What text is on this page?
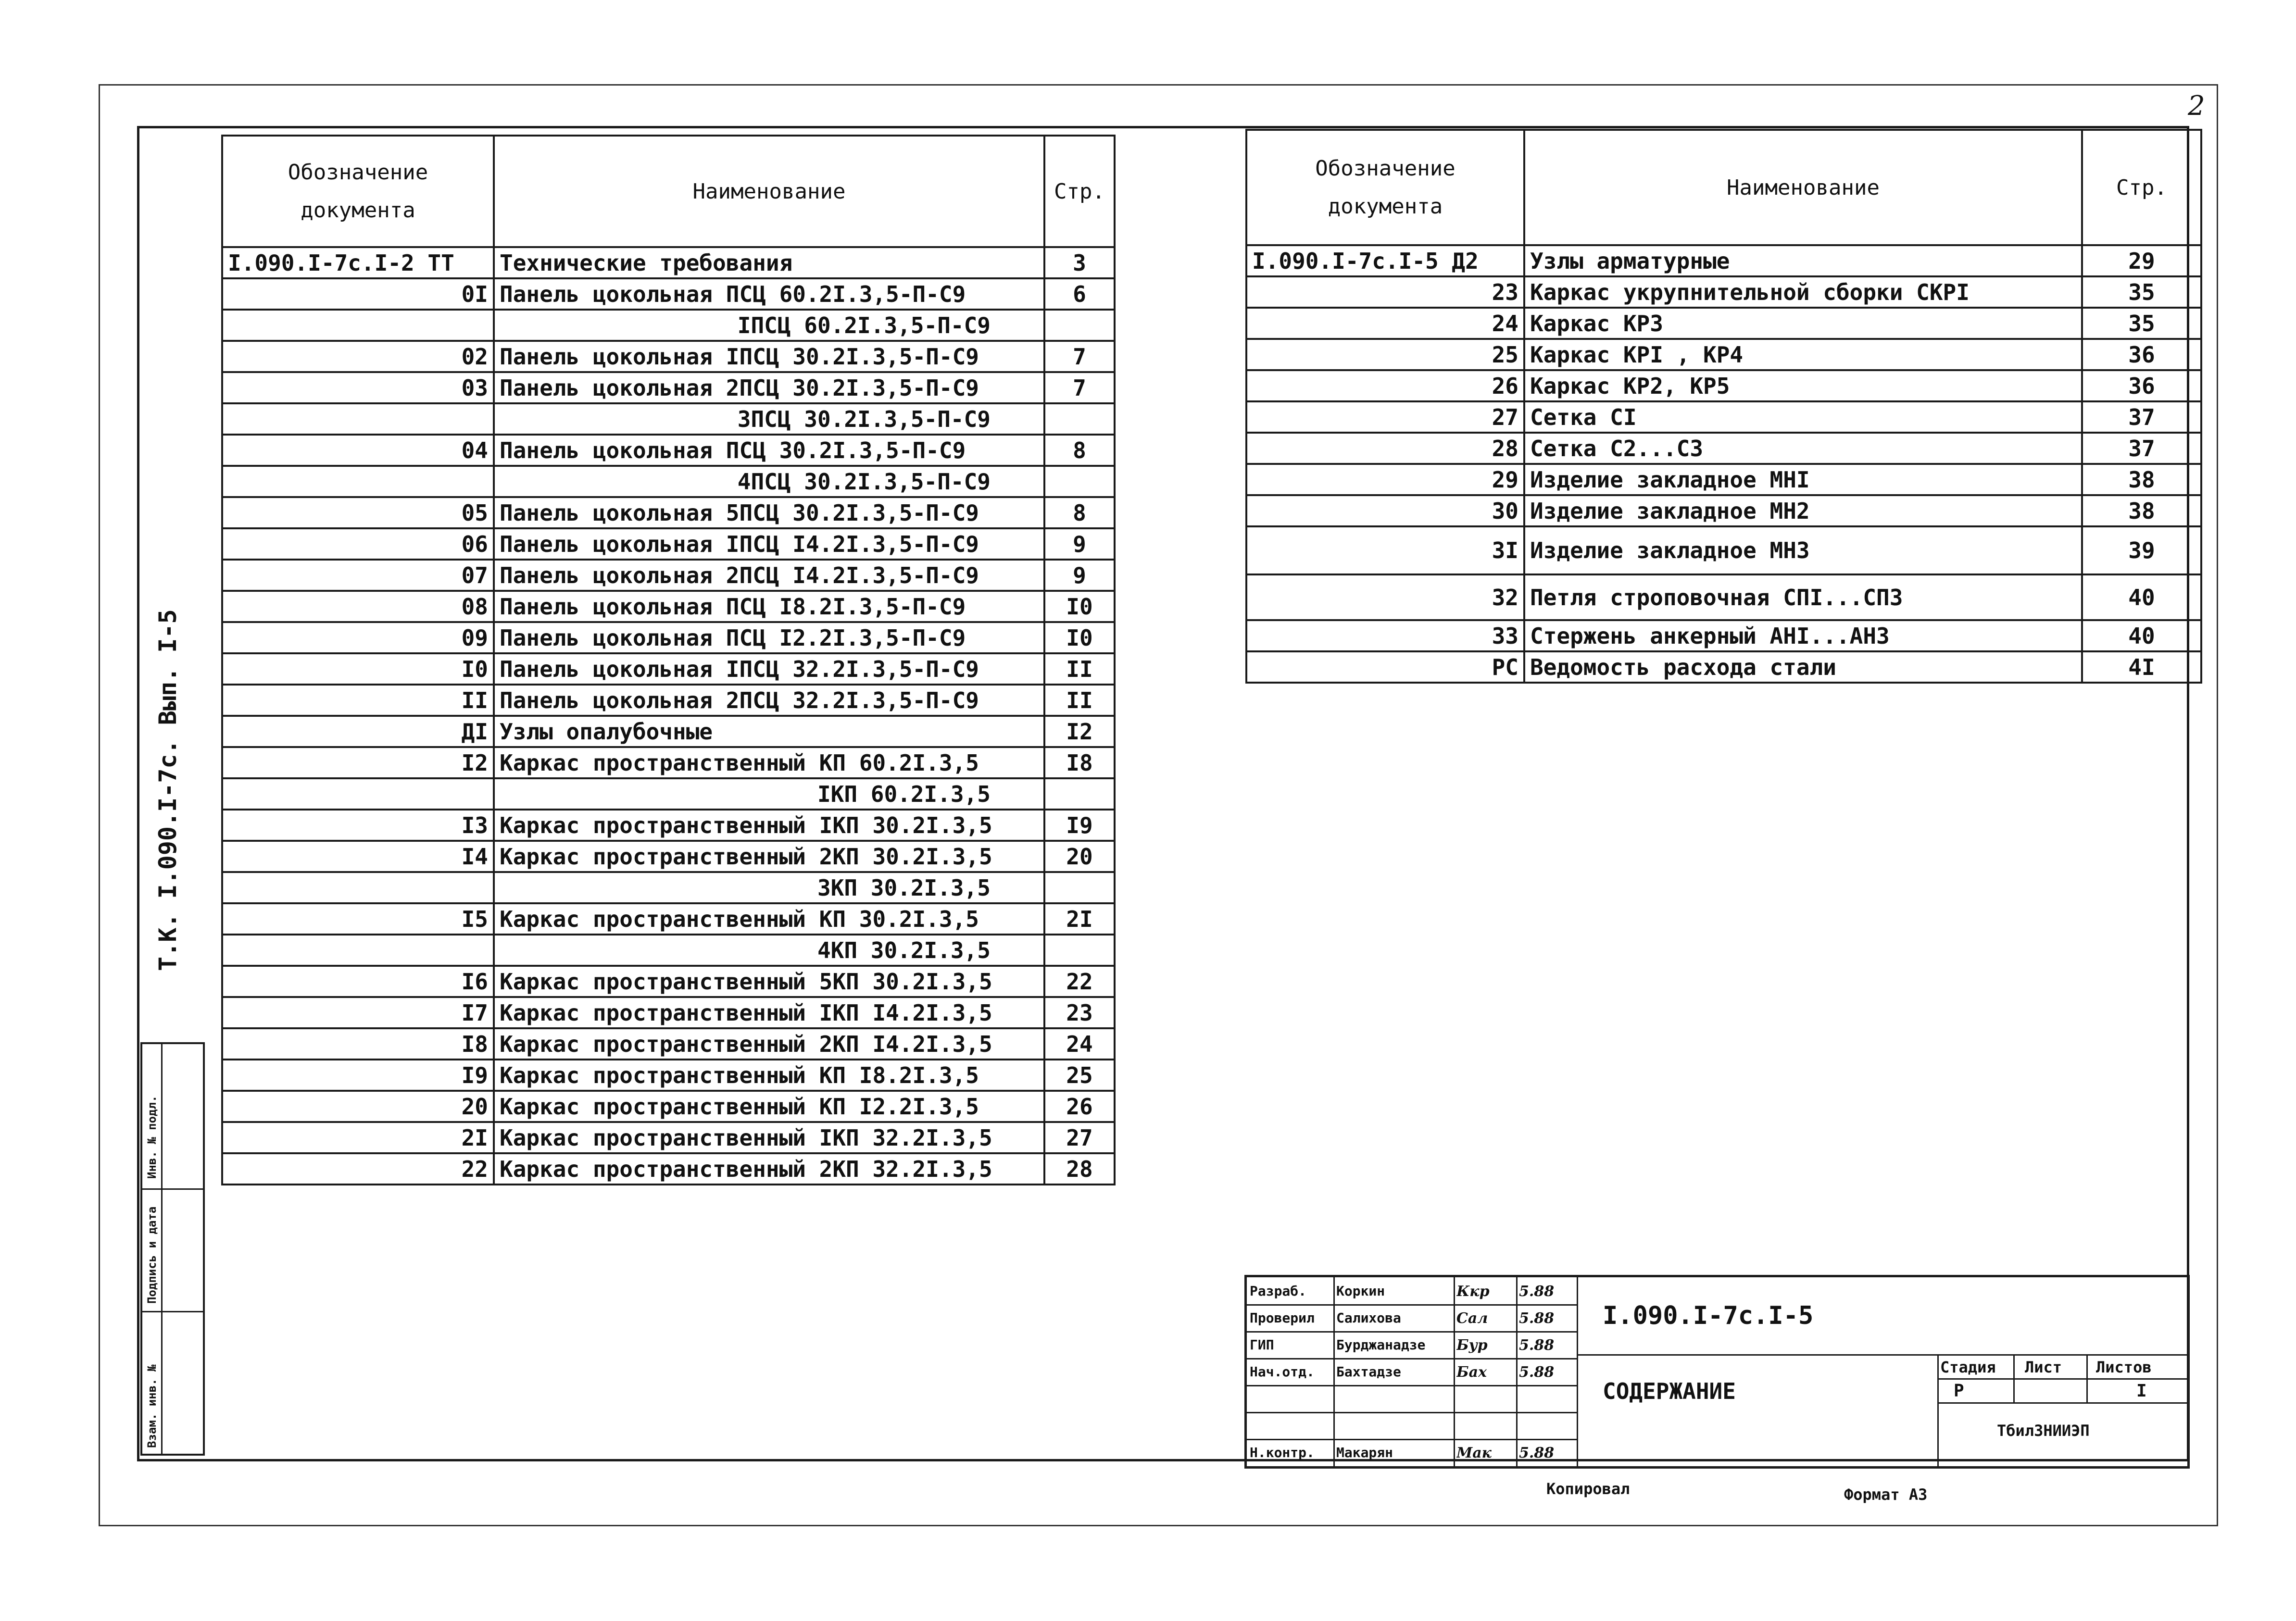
2
Т.К. I.090.I-7с. Вып. I-5
Инв. № подл.
Подпись и дата
Взам. инв. №
Обозначение
документа	Наименование	Стр.
I.090.I-7c.I-2 ТТ	Технические требования	3
0I	Панель цокольная ПСЦ 60.2I.3,5-П-С9	6

	IПСЦ 60.2I.3,5-П-С9	

02	Панель цокольная IПСЦ 30.2I.3,5-П-С9	7
03	Панель цокольная 2ПСЦ 30.2I.3,5-П-С9	7

	3ПСЦ 30.2I.3,5-П-С9	

04	Панель цокольная ПСЦ 30.2I.3,5-П-С9	8

	4ПСЦ 30.2I.3,5-П-С9	

05	Панель цокольная 5ПСЦ 30.2I.3,5-П-С9	8
06	Панель цокольная IПСЦ I4.2I.3,5-П-С9	9
07	Панель цокольная 2ПСЦ I4.2I.3,5-П-С9	9
08	Панель цокольная ПСЦ I8.2I.3,5-П-С9	I0
09	Панель цокольная ПСЦ I2.2I.3,5-П-С9	I0
I0	Панель цокольная IПСЦ 32.2I.3,5-П-С9	II
II	Панель цокольная 2ПСЦ 32.2I.3,5-П-С9	II
ДI	Узлы опалубочные	I2
I2	Каркас пространственный КП 60.2I.3,5	I8

	IКП 60.2I.3,5	

I3	Каркас пространственный IКП 30.2I.3,5	I9
I4	Каркас пространственный 2КП 30.2I.3,5	20

	3КП 30.2I.3,5	

I5	Каркас пространственный КП 30.2I.3,5	2I

	4КП 30.2I.3,5	

I6	Каркас пространственный 5КП 30.2I.3,5	22
I7	Каркас пространственный IКП I4.2I.3,5	23
I8	Каркас пространственный 2КП I4.2I.3,5	24
I9	Каркас пространственный КП I8.2I.3,5	25
20	Каркас пространственный КП I2.2I.3,5	26
2I	Каркас пространственный IКП 32.2I.3,5	27
22	Каркас пространственный 2КП 32.2I.3,5	28
Обозначение
документа	Наименование	Стр.
I.090.I-7c.I-5 Д2	Узлы арматурные	29
23	Каркас укрупнительной сборки СКРI	35
24	Каркас КР3	35
25	Каркас КРI , КР4	36
26	Каркас КР2, КР5	36
27	Сетка СI	37
28	Сетка С2...С3	37
29	Изделие закладное МНI	38
30	Изделие закладное МН2	38
3I	Изделие закладное МН3	39
32	Петля строповочная СПI...СП3	40
33	Стержень анкерный АНI...АН3	40
РС	Ведомость расхода стали	4I
Разраб.	Коркин	Ккр	5.88
Проверил	Салихова	Сал	5.88
ГИП	Бурджанадзе	Бур	5.88
Нач.отд.	Бахтадзе	Бах	5.88
Н.контр.	Макарян	Мак	5.88
I.090.I-7c.I-5
СОДЕРЖАНИЕ
Стадия Лист Листов
Р	I
ТбилЗНИИЭП
Копировал	Формат А3
